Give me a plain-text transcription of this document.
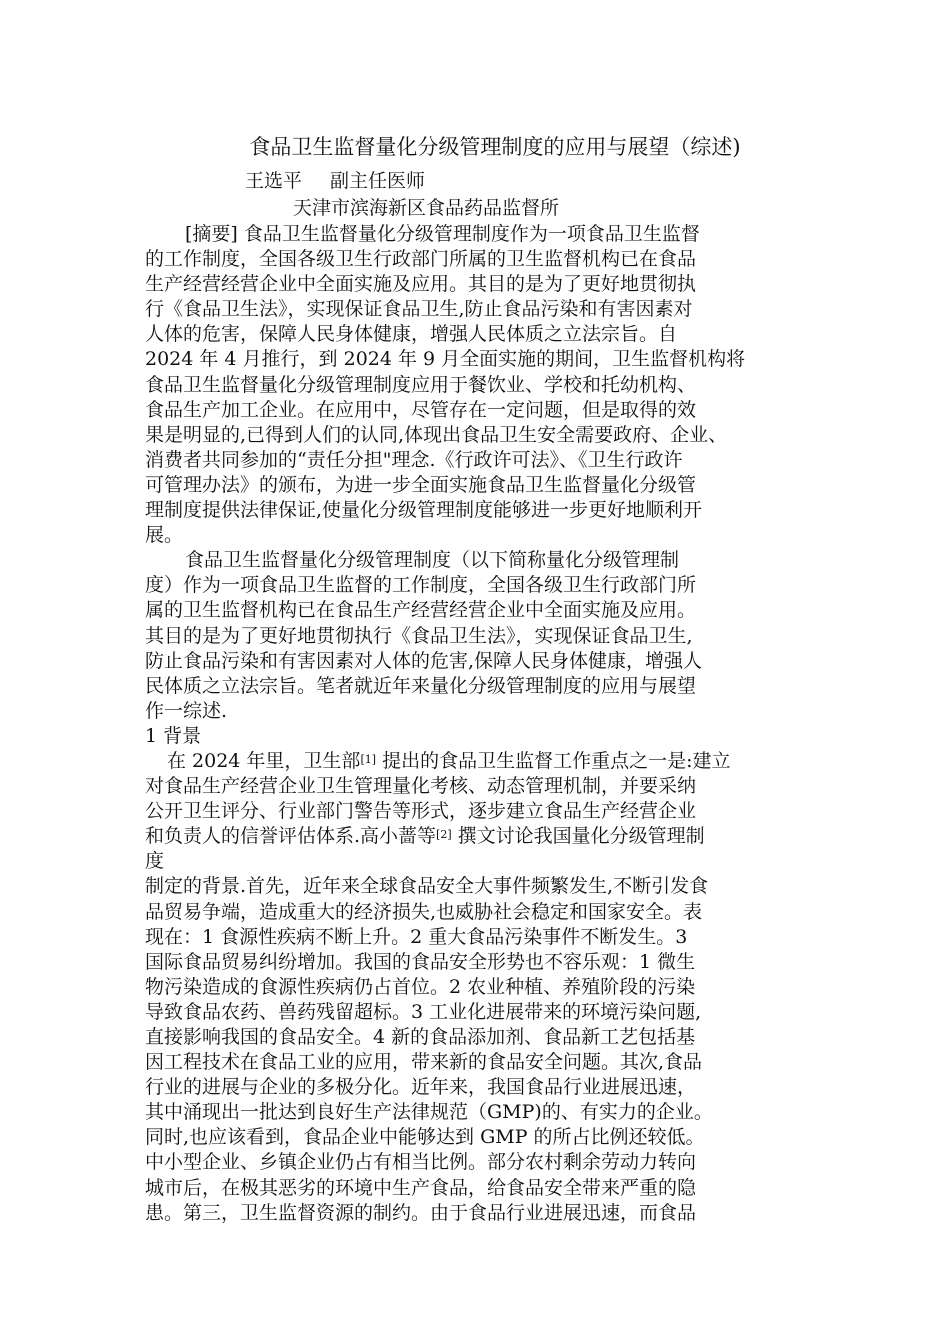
食品卫生监督量化分级管理制度的应用与展望（综述)
王选平 副主任医师
天津市滨海新区食品药品监督所
[摘要] 食品卫生监督量化分级管理制度作为一项食品卫生监督
的工作制度，全国各级卫生行政部门所属的卫生监督机构已在食品
生产经营经营企业中全面实施及应用。其目的是为了更好地贯彻执
行《食品卫生法》，实现保证食品卫生,防止食品污染和有害因素对
人体的危害，保障人民身体健康，增强人民体质之立法宗旨。自
2024 年 4 月推行，到 2024 年 9 月全面实施的期间，卫生监督机构将
食品卫生监督量化分级管理制度应用于餐饮业、学校和托幼机构、
食品生产加工企业。在应用中，尽管存在一定问题，但是取得的效
果是明显的,已得到人们的认同,体现出食品卫生安全需要政府、企业、
消费者共同参加的“责任分担"理念.《行政许可法》、《卫生行政许
可管理办法》的颁布，为进一步全面实施食品卫生监督量化分级管
理制度提供法律保证,使量化分级管理制度能够进一步更好地顺利开
展。
食品卫生监督量化分级管理制度（以下简称量化分级管理制
度）作为一项食品卫生监督的工作制度，全国各级卫生行政部门所
属的卫生监督机构已在食品生产经营经营企业中全面实施及应用。
其目的是为了更好地贯彻执行《食品卫生法》，实现保证食品卫生,
防止食品污染和有害因素对人体的危害,保障人民身体健康，增强人
民体质之立法宗旨。笔者就近年来量化分级管理制度的应用与展望
作一综述.
1 背景
在 2024 年里，卫生部[1] 提出的食品卫生监督工作重点之一是:建立
对食品生产经营企业卫生管理量化考核、动态管理机制，并要采纳
公开卫生评分、行业部门警告等形式，逐步建立食品生产经营企业
和负责人的信誉评估体系.高小蔷等[2] 撰文讨论我国量化分级管理制
度
制定的背景.首先，近年来全球食品安全大事件频繁发生,不断引发食
品贸易争端，造成重大的经济损失,也威胁社会稳定和国家安全。表
现在：1 食源性疾病不断上升。2 重大食品污染事件不断发生。3
国际食品贸易纠纷增加。我国的食品安全形势也不容乐观：1 微生
物污染造成的食源性疾病仍占首位。2 农业种植、养殖阶段的污染
导致食品农药、兽药残留超标。3 工业化进展带来的环境污染问题,
直接影响我国的食品安全。4 新的食品添加剂、食品新工艺包括基
因工程技术在食品工业的应用，带来新的食品安全问题。其次,食品
行业的进展与企业的多极分化。近年来，我国食品行业进展迅速，
其中涌现出一批达到良好生产法律规范（GMP)的、有实力的企业。
同时,也应该看到，食品企业中能够达到 GMP 的所占比例还较低。
中小型企业、乡镇企业仍占有相当比例。部分农村剩余劳动力转向
城市后，在极其恶劣的环境中生产食品，给食品安全带来严重的隐
患。第三，卫生监督资源的制约。由于食品行业进展迅速，而食品
